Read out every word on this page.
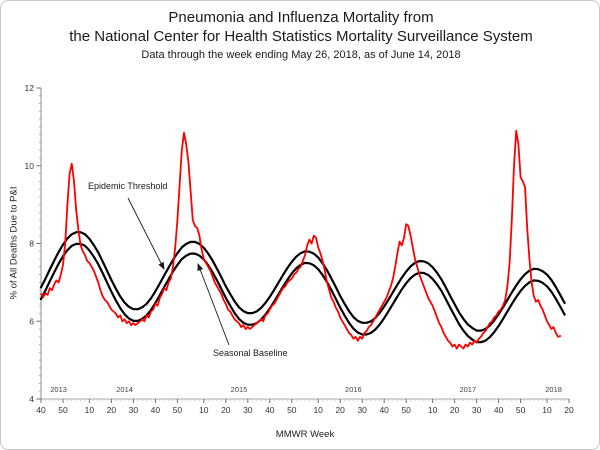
Pneumonia and Influenza Mortality from
the National Center for Health Statistics Mortality Surveillance System
Data through the week ending May 26, 2018, as of June 14, 2018
4
6
8
10
12
40 50 10 20 30 40 50 10 20 30 40 50 10 20 30 40 50 10 20 30 40 50 10 20
2013	2014	2015	2016	2017	2018
Epidemic Threshold
Seasonal Baseline
MMWR Week
% of All Deaths Due to P&I
